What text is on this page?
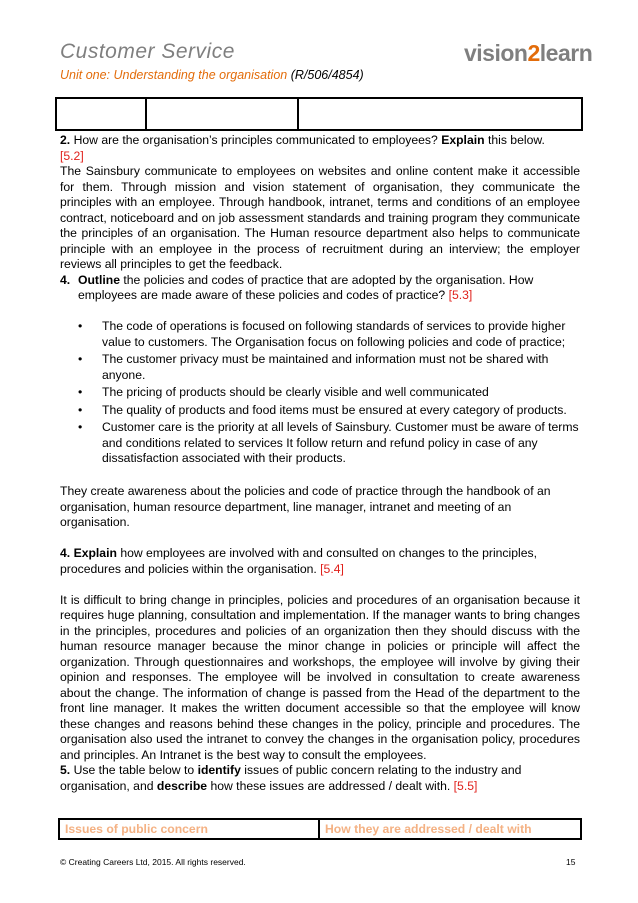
Customer Service
Unit one: Understanding the organisation (R/506/4854)
vision2learn

2. How are the organisation’s principles communicated to employees? Explain this below.

[5.2]

The Sainsbury communicate to employees on websites and online content make it accessible for them. Through mission and vision statement of organisation, they communicate the principles with an employee. Through handbook, intranet, terms and conditions of an employee contract, noticeboard and on job assessment standards and training program they communicate the principles of an organisation. The Human resource department also helps to communicate principle with an employee in the process of recruitment during an interview; the employer reviews all principles to get the feedback.

4. Outline the policies and codes of practice that are adopted by the organisation. How employees are made aware of these policies and codes of practice? [5.3]

• The code of operations is focused on following standards of services to provide higher value to customers. The Organisation focus on following policies and code of practice;
• The customer privacy must be maintained and information must not be shared with anyone.
• The pricing of products should be clearly visible and well communicated
• The quality of products and food items must be ensured at every category of products.
• Customer care is the priority at all levels of Sainsbury. Customer must be aware of terms and conditions related to services It follow return and refund policy in case of any dissatisfaction associated with their products.

They create awareness about the policies and code of practice through the handbook of an organisation, human resource department, line manager, intranet and meeting of an organisation.

4. Explain how employees are involved with and consulted on changes to the principles, procedures and policies within the organisation. [5.4]

It is difficult to bring change in principles, policies and procedures of an organisation because it requires huge planning, consultation and implementation. If the manager wants to bring changes in the principles, procedures and policies of an organization then they should discuss with the human resource manager because the minor change in policies or principle will affect the organization. Through questionnaires and workshops, the employee will involve by giving their opinion and responses. The employee will be involved in consultation to create awareness about the change. The information of change is passed from the Head of the department to the front line manager. It makes the written document accessible so that the employee will know these changes and reasons behind these changes in the policy, principle and procedures. The organisation also used the intranet to convey the changes in the organisation policy, procedures and principles. An Intranet is the best way to consult the employees.

5. Use the table below to identify issues of public concern relating to the industry and organisation, and describe how these issues are addressed / dealt with. [5.5]

Issues of public concern	How they are addressed / dealt with
© Creating Careers Ltd, 2015. All rights reserved.	15
